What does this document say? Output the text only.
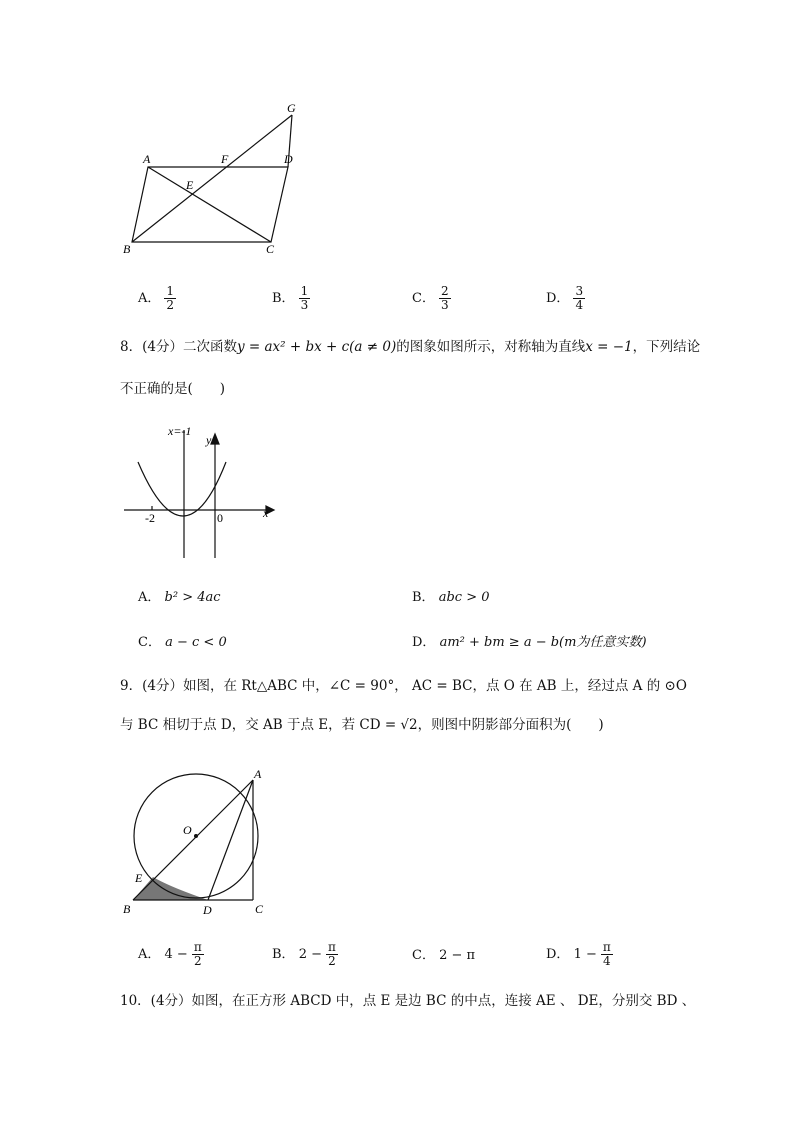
A	F	D
G
E
B	C
A． $\frac{1}{2}$	B． $\frac{1}{3}$	C． $\frac{2}{3}$	D． $\frac{3}{4}$
8．(4分）二次函数y = ax² + bx + c(a ≠ 0)的图象如图所示，对称轴为直线x = −1，下列结论
不正确的是(　　)
x=-1
y
x
-2	0
A． b² > 4ac	B． abc > 0
C． a − c < 0	D． am² + bm ≥ a − b(m为任意实数)
9．(4分）如图，在 Rt△ABC 中，∠C = 90°， AC = BC，点 O 在 AB 上，经过点 A 的 ⊙O
与 BC 相切于点 D，交 AB 于点 E，若 CD = √2，则图中阴影部分面积为(　　)
A
O
E
B	D	C
A． $4 - \frac{\pi}{2}$	B． $2 - \frac{\pi}{2}$	C． 2 − π	D． $1 - \frac{\pi}{4}$
10．(4分）如图，在正方形 ABCD 中，点 E 是边 BC 的中点，连接 AE 、 DE，分别交 BD 、
